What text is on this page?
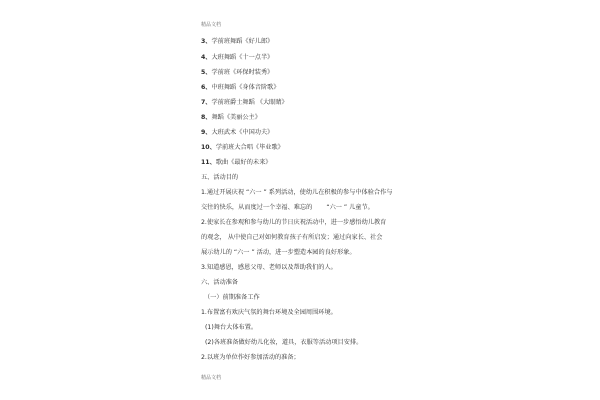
精品文档
3、学前班舞蹈《好儿郎》
4、大班舞蹈《十一点半》
5、学前班《环保时装秀》
6、中班舞蹈《身体音阶歌》
7、学前班爵士舞蹈 《大眼睛》
8、舞蹈《美丽公主》
9、大班武术《中国功夫》
10、学前班大合唱《毕业歌》
11、歌曲《最好的未来》
五、活动目的
1.通过开展庆祝 “六一 ” 系列活动，使幼儿在积极的参与中体验合作与
交往的快乐，从而度过一个幸福、难忘的 “六一 ” 儿童节。
2.使家长在参观和参与幼儿的节日庆祝活动中，进一步感悟幼儿教育
的观念， 从中使自己对如何教育孩子有所启发；通过向家长、社会
展示幼儿的 “六一 ” 活动，进一步塑造本园的良好形象。
3.知道感恩，感恩父母、老师以及帮助我们的人。
六、活动准备
（一）前期准备工作
1.布置富有欢庆气氛的舞台环境及全园周围环境。
(1)舞台大体布置。
(2)各班准备做好幼儿化妆，道具，衣服等活动项目安排。
2.以班为单位作好参加活动的准备；
精品文档
